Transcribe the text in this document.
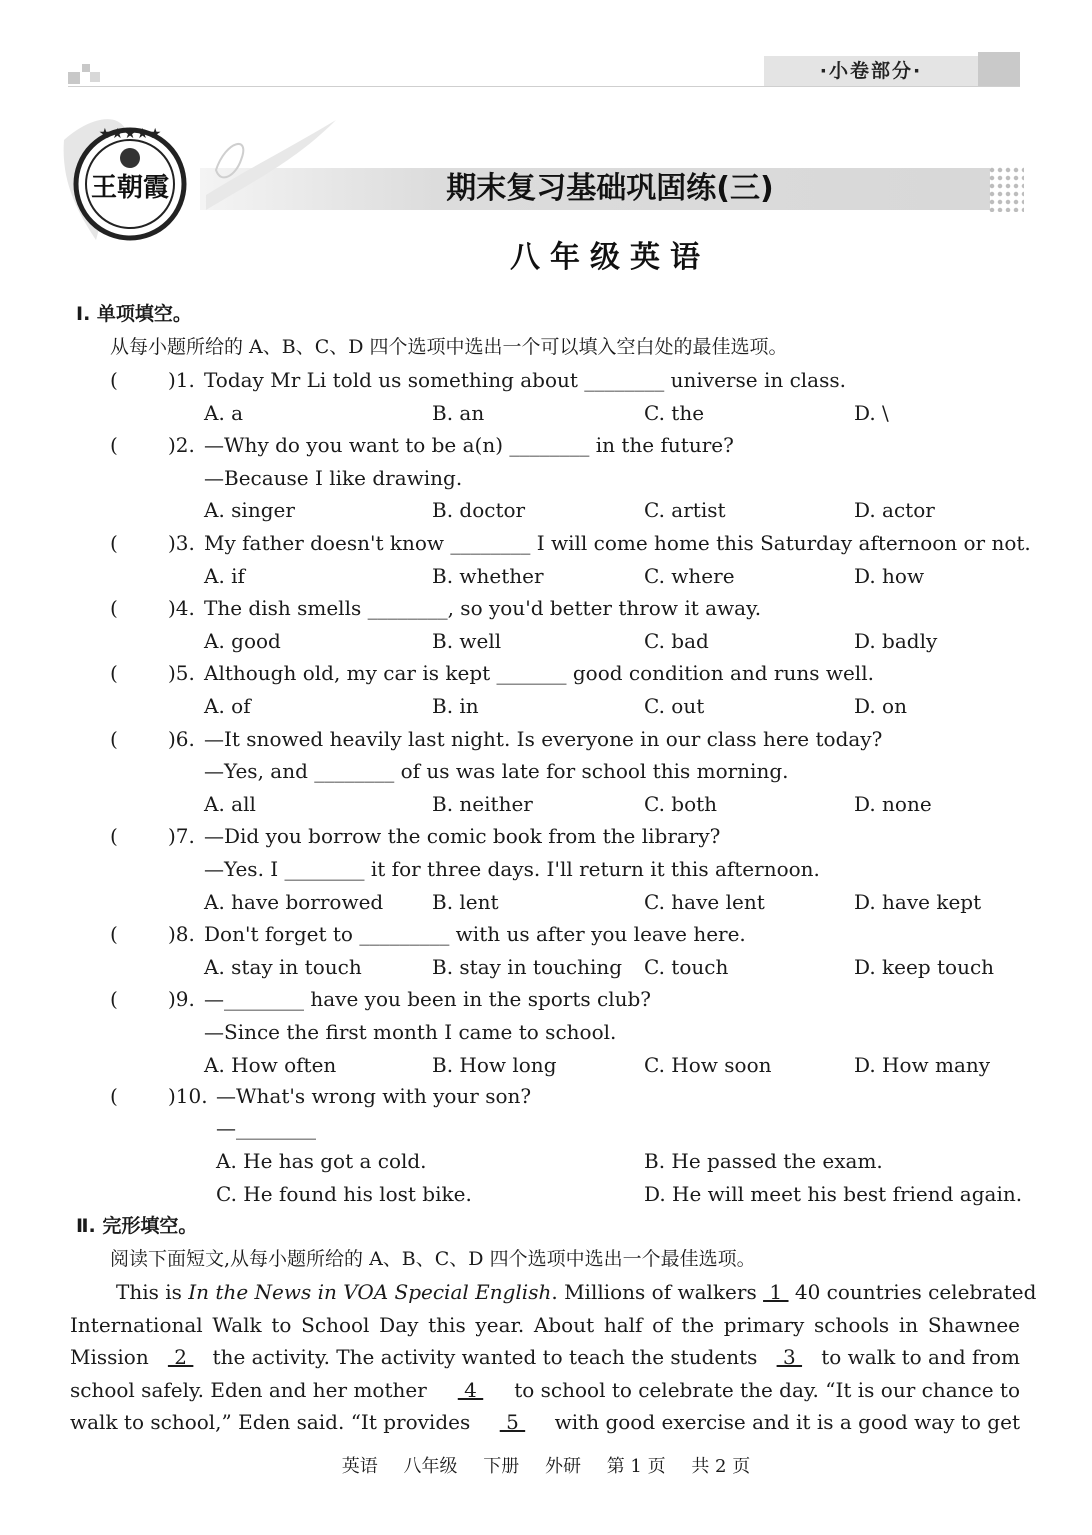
·小卷部分·
★★★★★
王朝霞	期末复习基础巩固练(三)
八年级英语
Ⅰ. 单项填空。
从每小题所给的 A、B、C、D 四个选项中选出一个可以填入空白处的最佳选项。
(	)1. Today Mr Li told us something about ________ universe in class.
A. a	B. an	C. the	D. \
(	)2. —Why do you want to be a(n) ________ in the future?
—Because I like drawing.
A. singer	B. doctor	C. artist	D. actor
(	)3. My father doesn't know ________ I will come home this Saturday afternoon or not.
A. if	B. whether	C. where	D. how
(	)4. The dish smells ________, so you'd better throw it away.
A. good	B. well	C. bad	D. badly
(	)5. Although old, my car is kept _______ good condition and runs well.
A. of	B. in	C. out	D. on
(	)6. —It snowed heavily last night. Is everyone in our class here today?
—Yes, and ________ of us was late for school this morning.
A. all	B. neither	C. both	D. none
(	)7. —Did you borrow the comic book from the library?
—Yes. I ________ it for three days. I'll return it this afternoon.
A. have borrowed B. lent	C. have lent	D. have kept
(	)8. Don't forget to _________ with us after you leave here.
A. stay in touch	B. stay in touching C. touch	D. keep touch
(	)9. —________ have you been in the sports club?
—Since the first month I came to school.
A. How often	B. How long	C. How soon	D. How many
(	)10. —What's wrong with your son?
—________
A. He has got a cold.	B. He passed the exam.
C. He found his lost bike.	D. He will meet his best friend again.
Ⅱ. 完形填空。
阅读下面短文,从每小题所给的 A、B、C、D 四个选项中选出一个最佳选项。
This is In the News in VOA Special English . Millions of walkers 1 40 countries celebrated
International Walk to School Day this year. About half of the primary schools in Shawnee
Mission 2 the activity. The activity wanted to teach the students 3 to walk to and from
school safely. Eden and her mother 4 to school to celebrate the day. “It is our chance to
walk to school,” Eden said. “It provides 5 with good exercise and it is a good way to get
英语 八年级 下册 外研 第 1 页 共 2 页
